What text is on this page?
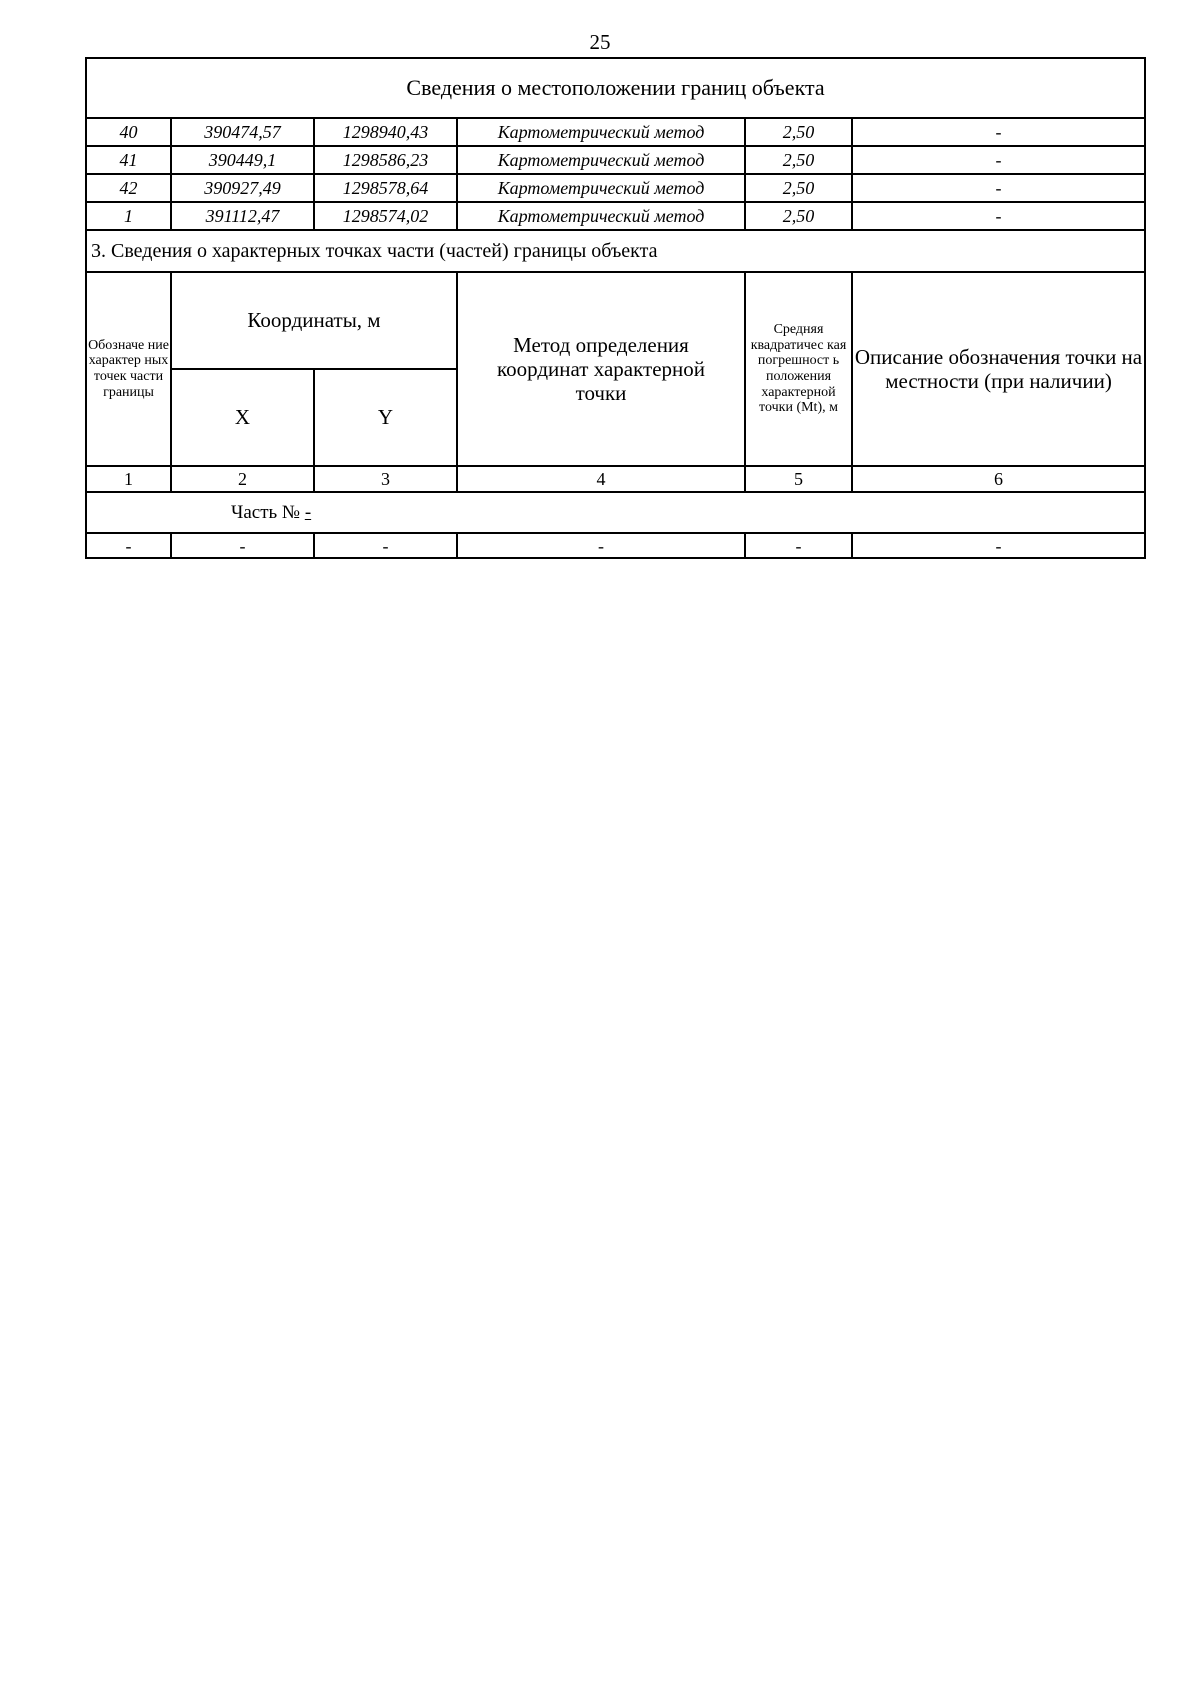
25
Сведения о местоположении границ объекта					
40	390474,57	1298940,43	Картометрический метод	2,50	-
41	390449,1	1298586,23	Картометрический метод	2,50	-
42	390927,49	1298578,64	Картометрический метод	2,50	-
1	391112,47	1298574,02	Картометрический метод	2,50	-
3. Сведения о характерных точках части (частей) границы объекта					
Обозначе ние характер ных точек части границы	Координаты, м		Метод определения координат характерной точки	Средняя квадратичес кая погрешност ь положения характерной точки (Mt), м	Описание обозначения точки на местности (при наличии)
	X	Y			
1	2	3	4	5	6
Часть № -					
-	-	-	-	-	-
